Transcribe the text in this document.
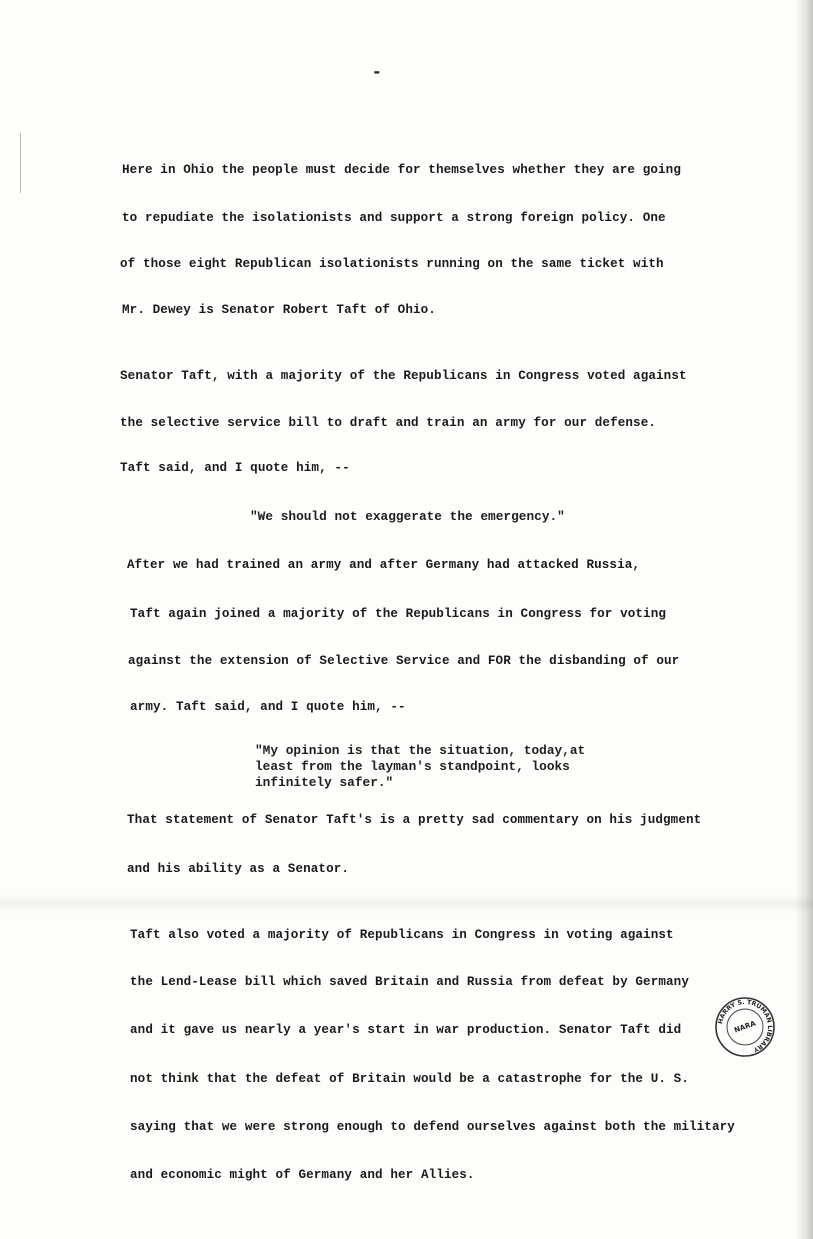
-
Here in Ohio the people must decide for themselves whether they are going
to repudiate the isolationists and support a strong foreign policy. One
of those eight Republican isolationists running on the same ticket with
Mr. Dewey is Senator Robert Taft of Ohio.
Senator Taft, with a majority of the Republicans in Congress voted against
the selective service bill to draft and train an army for our defense.
Taft said, and I quote him, --
"We should not exaggerate the emergency."
After we had trained an army and after Germany had attacked Russia,
Taft again joined a majority of the Republicans in Congress for voting
against the extension of Selective Service and FOR the disbanding of our
army. Taft said, and I quote him, --
"My opinion is that the situation, today,at
least from the layman's standpoint, looks
infinitely safer."
That statement of Senator Taft's is a pretty sad commentary on his judgment
and his ability as a Senator.
Taft also voted a majority of Republicans in Congress in voting against
the Lend-Lease bill which saved Britain and Russia from defeat by Germany
and it gave us nearly a year's start in war production. Senator Taft did
not think that the defeat of Britain would be a catastrophe for the U. S.
saying that we were strong enough to defend ourselves against both the military
and economic might of Germany and her Allies.
HARRY S. TRUMAN LIBRARY
NARA
